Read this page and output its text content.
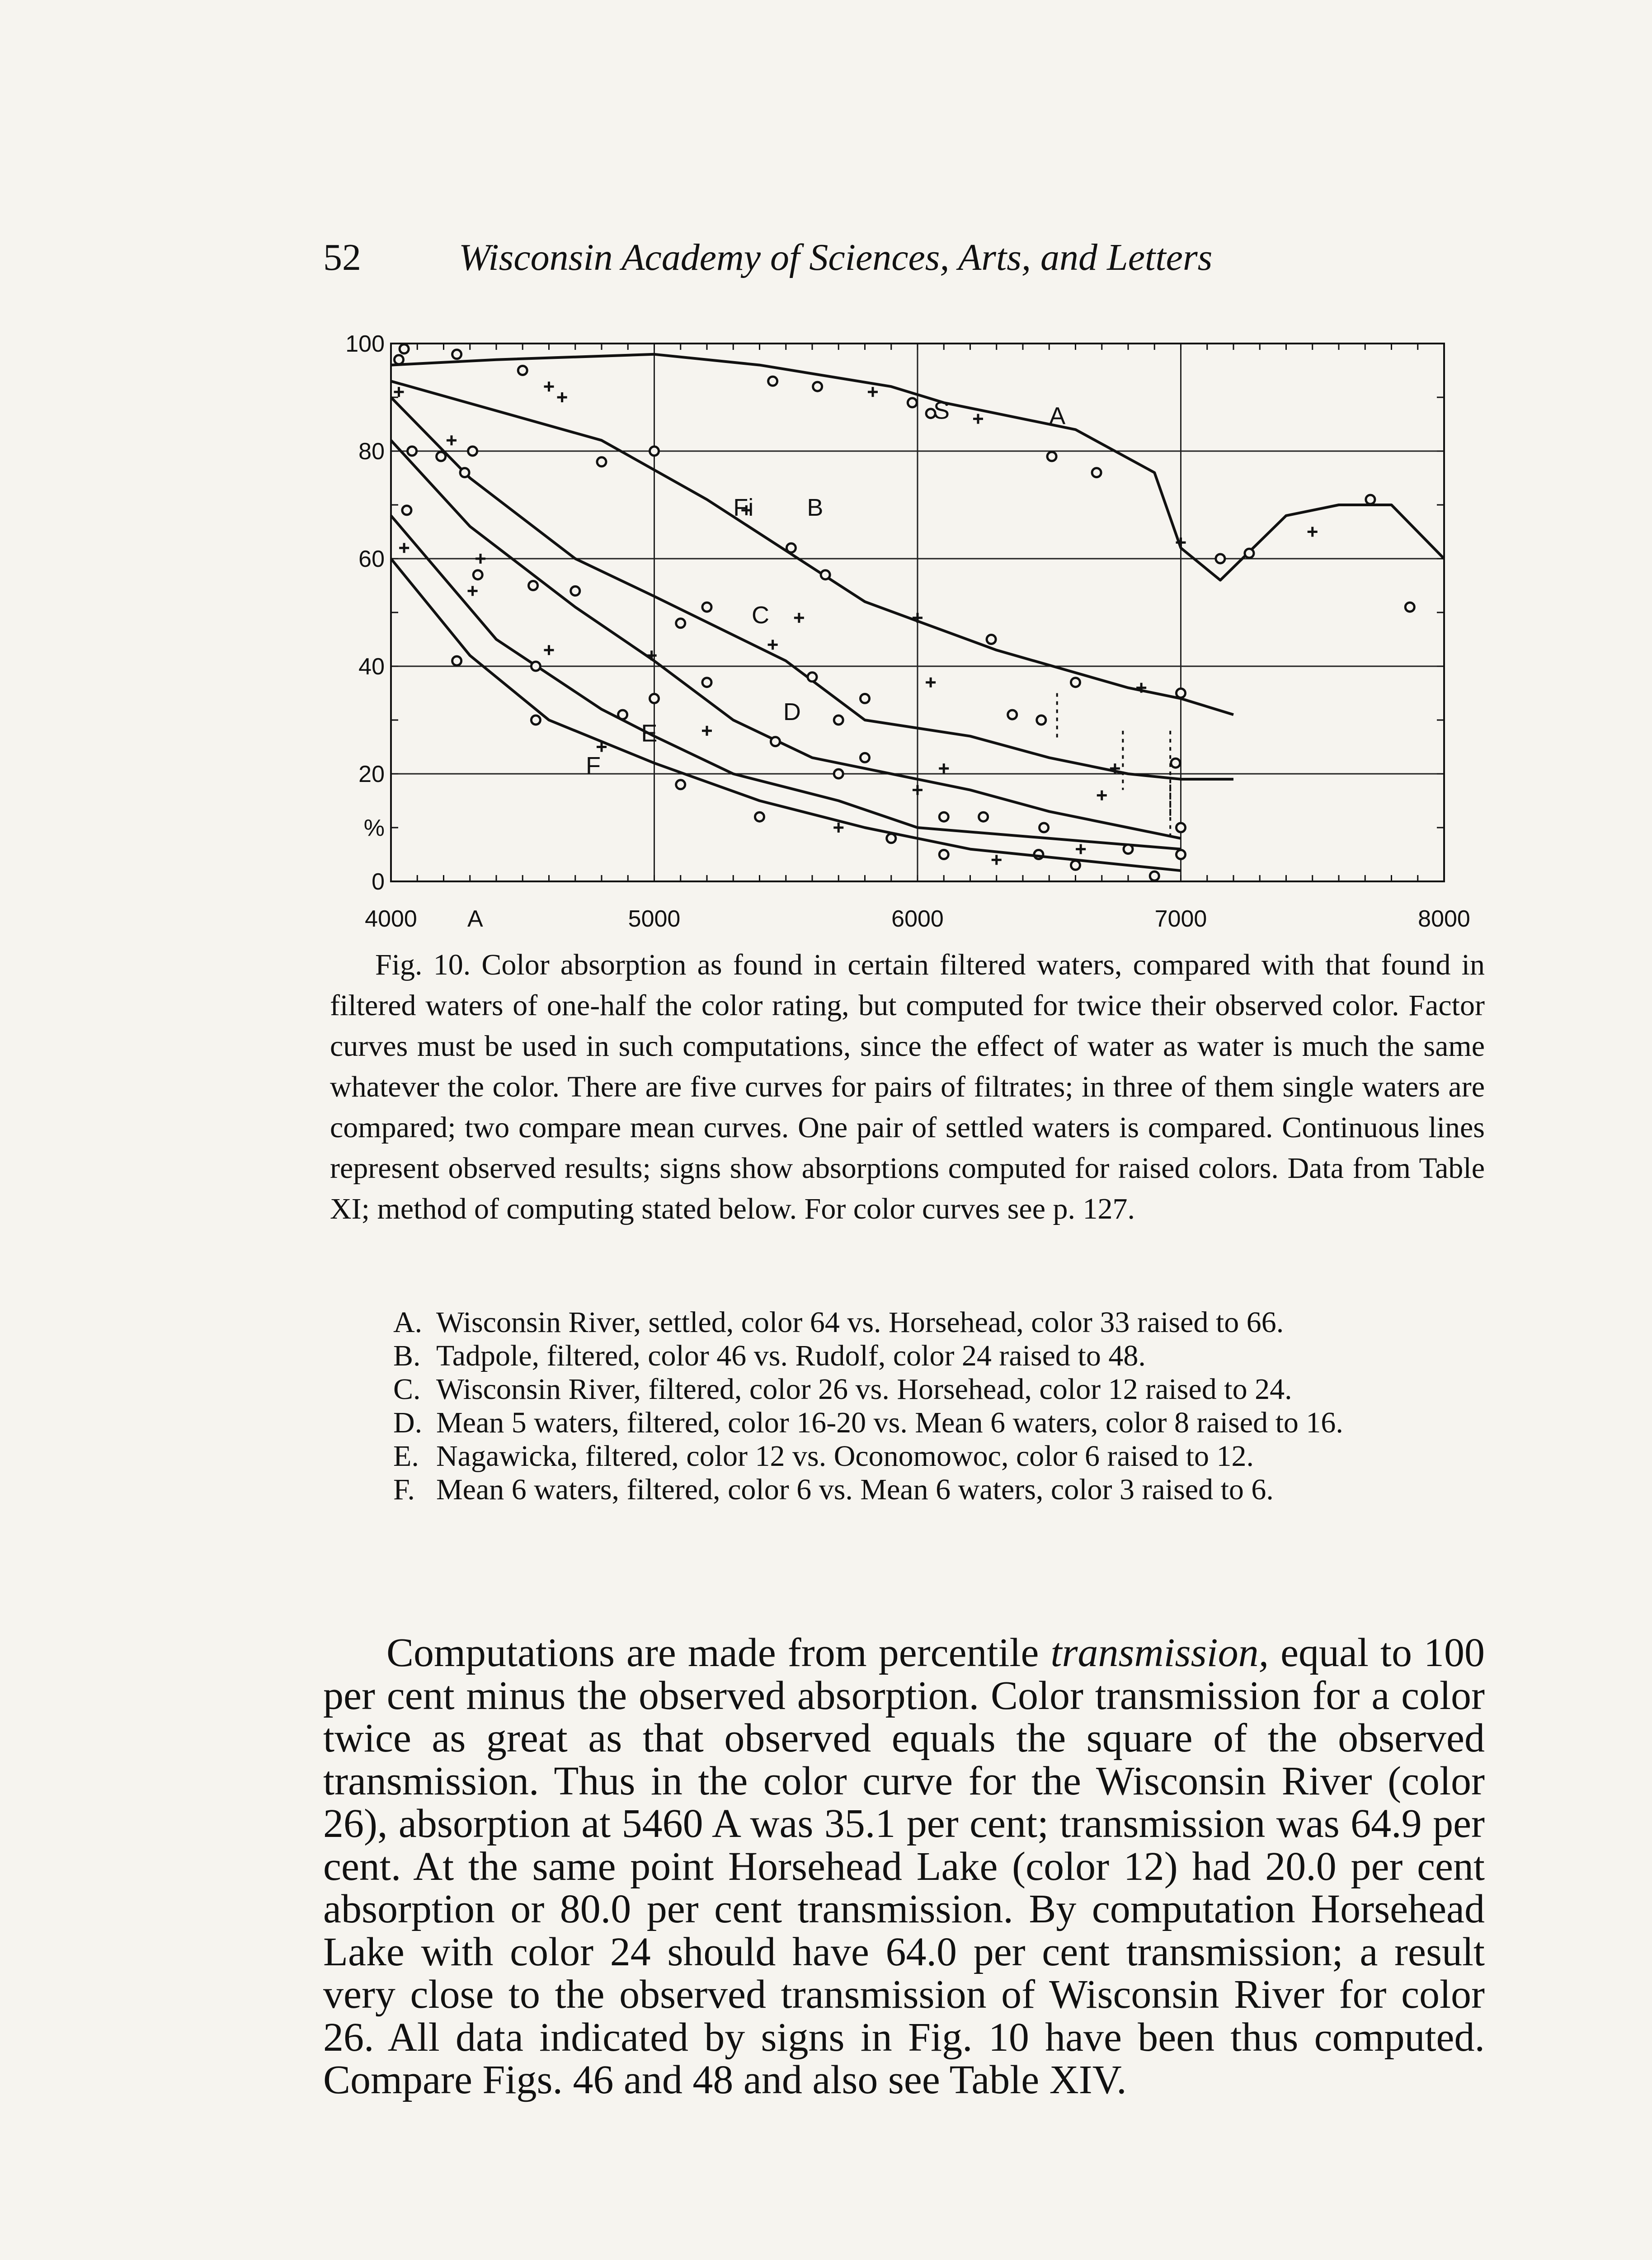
52	Wisconsin Academy of Sciences, Arts, and Letters
100
80
60
40
20
0
%
4000	5000	6000	7000	8000
A
S	A
Fi B
C
D
E
F

Fig. 10. Color absorption as found in certain filtered waters, compared with that found in filtered waters of one-half the color rating, but computed for twice their observed color. Factor curves must be used in such computations, since the effect of water as water is much the same whatever the color. There are five curves for pairs of filtrates; in three of them single waters are compared; two compare mean curves. One pair of settled waters is compared. Continuous lines represent observed results; signs show absorptions computed for raised colors. Data from Table XI; method of computing stated below. For color curves see p. 127.

A. Wisconsin River, settled, color 64 vs. Horsehead, color 33 raised to 66.
B. Tadpole, filtered, color 46 vs. Rudolf, color 24 raised to 48.
C. Wisconsin River, filtered, color 26 vs. Horsehead, color 12 raised to 24.
D. Mean 5 waters, filtered, color 16-20 vs. Mean 6 waters, color 8 raised to 16.
E. Nagawicka, filtered, color 12 vs. Oconomowoc, color 6 raised to 12.
F. Mean 6 waters, filtered, color 6 vs. Mean 6 waters, color 3 raised to 6.

Computations are made from percentile transmission, equal to 100 per cent minus the observed absorption. Color transmission for a color twice as great as that observed equals the square of the observed transmission. Thus in the color curve for the Wisconsin River (color 26), absorption at 5460 A was 35.1 per cent; transmission was 64.9 per cent. At the same point Horsehead Lake (color 12) had 20.0 per cent absorption or 80.0 per cent transmission. By computation Horsehead Lake with color 24 should have 64.0 per cent transmission; a result very close to the observed transmission of Wisconsin River for color 26. All data indicated by signs in Fig. 10 have been thus computed. Compare Figs. 46 and 48 and also see Table XIV.
